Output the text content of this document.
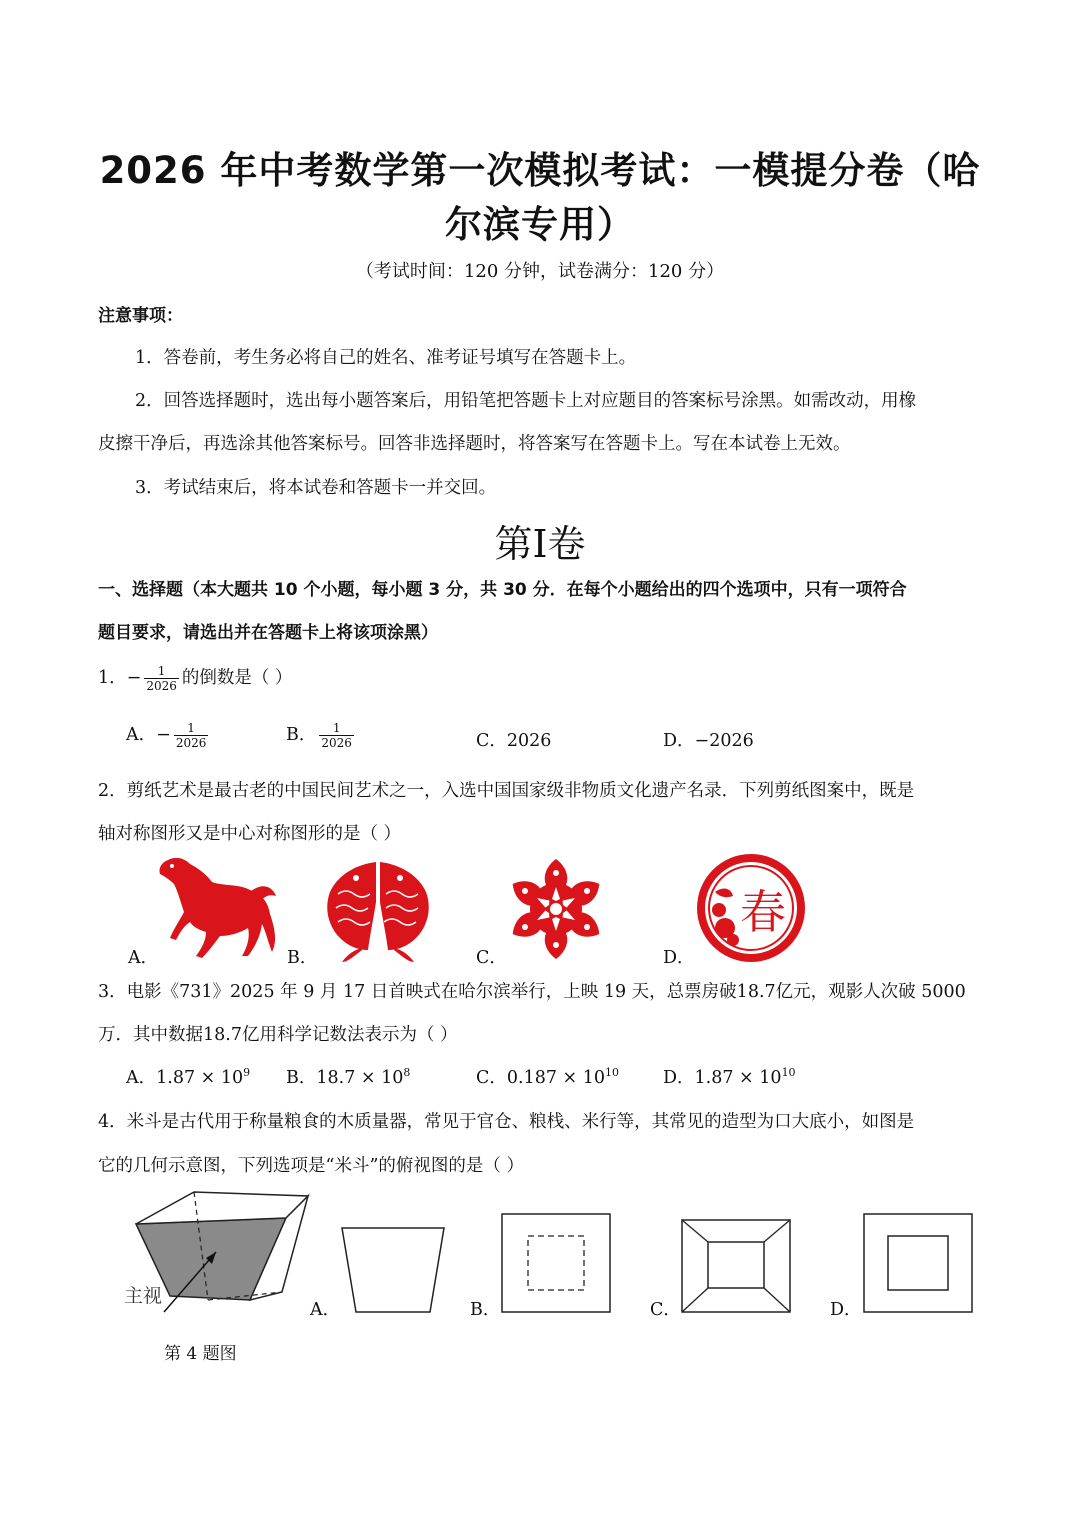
2026 年中考数学第一次模拟考试：一模提分卷（哈
尔滨专用）
（考试时间：120 分钟，试卷满分：120 分）
注意事项：
1．答卷前，考生务必将自己的姓名、准考证号填写在答题卡上。
2．回答选择题时，选出每小题答案后，用铅笔把答题卡上对应题目的答案标号涂黑。如需改动，用橡
皮擦干净后，再选涂其他答案标号。回答非选择题时，将答案写在答题卡上。写在本试卷上无效。
3．考试结束后，将本试卷和答题卡一并交回。
第I卷
一、选择题（本大题共 10 个小题，每小题 3 分，共 30 分．在每个小题给出的四个选项中，只有一项符合
题目要求，请选出并在答题卡上将该项涂黑）
1．− $\frac{1}{2026}$ 的倒数是（ ）
A．− $\frac{1}{2026}$	B． $\frac{1}{2026}$	C．2026	D．−2026
2．剪纸艺术是最古老的中国民间艺术之一，入选中国国家级非物质文化遗产名录．下列剪纸图案中，既是
轴对称图形又是中心对称图形的是（ ）
A．	B．	C．
春
D．
3．电影《731》2025 年 9 月 17 日首映式在哈尔滨举行，上映 19 天，总票房破18.7亿元，观影人次破 5000
万．其中数据18.7亿用科学记数法表示为（ ）
A．$1.87 \times 10^9$ B．$18.7 \times 10^8$	C．$0.187 \times 10^{10}$	D．$1.87 \times 10^{10}$
4．米斗是古代用于称量粮食的木质量器，常见于官仓、粮栈、米行等，其常见的造型为口大底小，如图是
它的几何示意图，下列选项是“米斗”的俯视图的是（ ）
主视
A．	B．	C．	D．
第 4 题图
